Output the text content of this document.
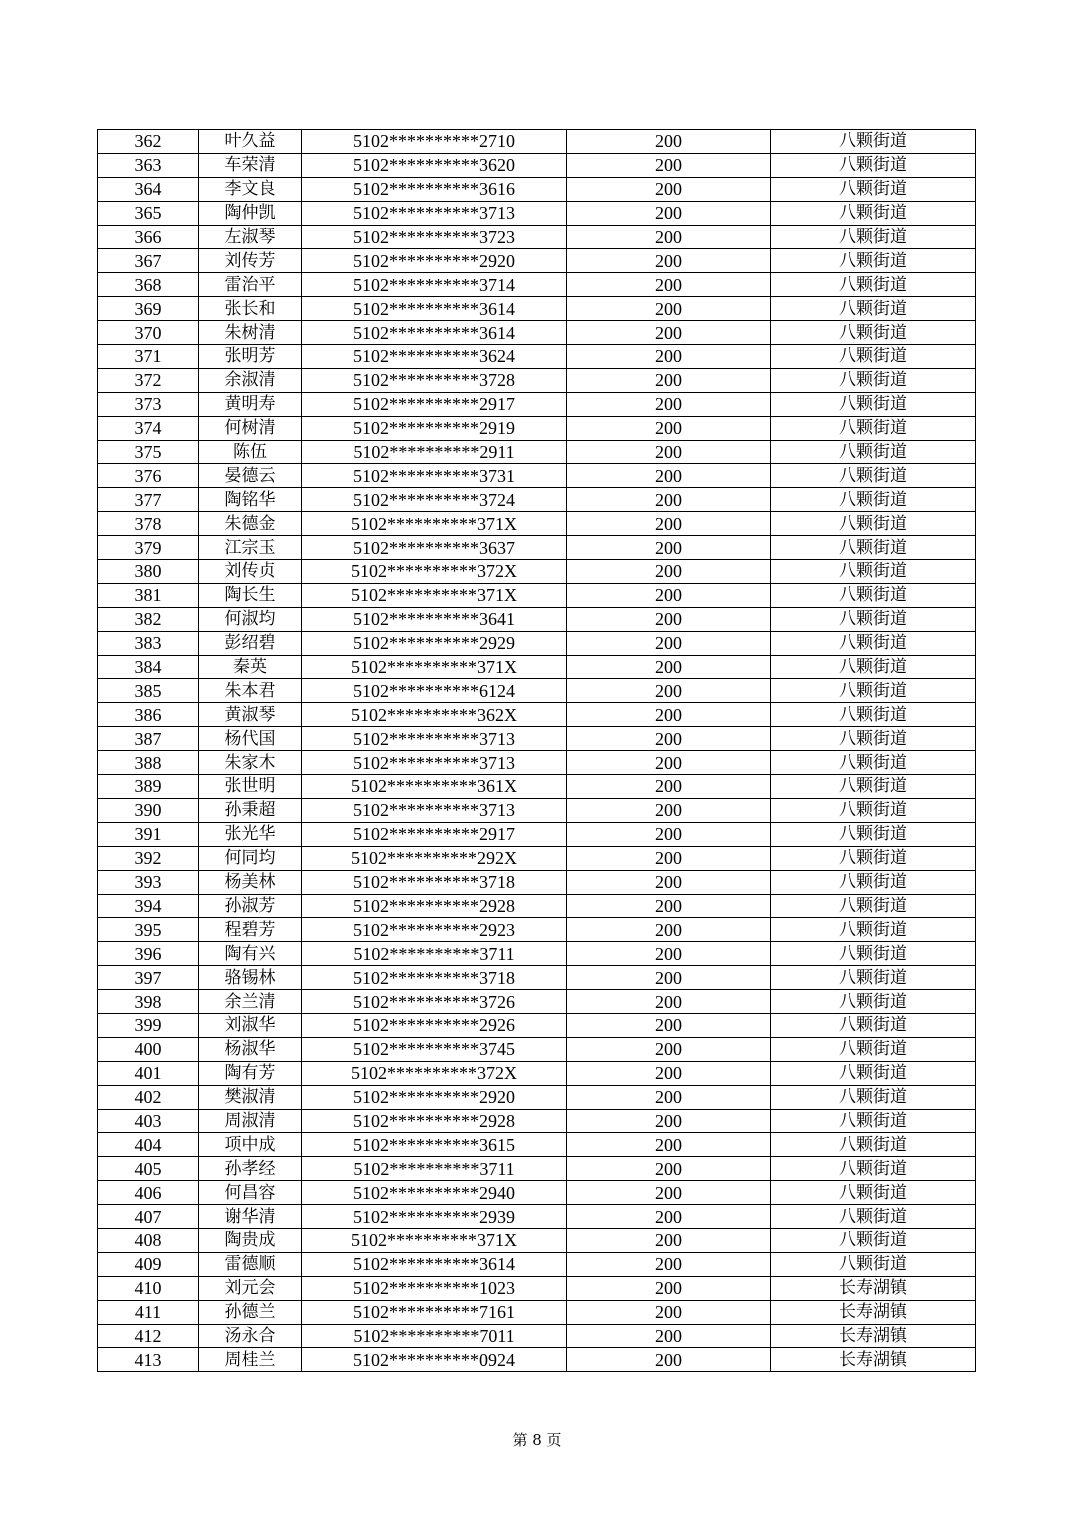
362	叶久益	5102**********2710	200	八颗街道
363	车荣清	5102**********3620	200	八颗街道
364	李文良	5102**********3616	200	八颗街道
365	陶仲凯	5102**********3713	200	八颗街道
366	左淑琴	5102**********3723	200	八颗街道
367	刘传芳	5102**********2920	200	八颗街道
368	雷治平	5102**********3714	200	八颗街道
369	张长和	5102**********3614	200	八颗街道
370	朱树清	5102**********3614	200	八颗街道
371	张明芳	5102**********3624	200	八颗街道
372	余淑清	5102**********3728	200	八颗街道
373	黄明寿	5102**********2917	200	八颗街道
374	何树清	5102**********2919	200	八颗街道
375	陈伍	5102**********2911	200	八颗街道
376	晏德云	5102**********3731	200	八颗街道
377	陶铭华	5102**********3724	200	八颗街道
378	朱德金	5102**********371X	200	八颗街道
379	江宗玉	5102**********3637	200	八颗街道
380	刘传贞	5102**********372X	200	八颗街道
381	陶长生	5102**********371X	200	八颗街道
382	何淑均	5102**********3641	200	八颗街道
383	彭绍碧	5102**********2929	200	八颗街道
384	秦英	5102**********371X	200	八颗街道
385	朱本君	5102**********6124	200	八颗街道
386	黄淑琴	5102**********362X	200	八颗街道
387	杨代国	5102**********3713	200	八颗街道
388	朱家木	5102**********3713	200	八颗街道
389	张世明	5102**********361X	200	八颗街道
390	孙秉超	5102**********3713	200	八颗街道
391	张光华	5102**********2917	200	八颗街道
392	何同均	5102**********292X	200	八颗街道
393	杨美林	5102**********3718	200	八颗街道
394	孙淑芳	5102**********2928	200	八颗街道
395	程碧芳	5102**********2923	200	八颗街道
396	陶有兴	5102**********3711	200	八颗街道
397	骆锡林	5102**********3718	200	八颗街道
398	余兰清	5102**********3726	200	八颗街道
399	刘淑华	5102**********2926	200	八颗街道
400	杨淑华	5102**********3745	200	八颗街道
401	陶有芳	5102**********372X	200	八颗街道
402	樊淑清	5102**********2920	200	八颗街道
403	周淑清	5102**********2928	200	八颗街道
404	项中成	5102**********3615	200	八颗街道
405	孙孝经	5102**********3711	200	八颗街道
406	何昌容	5102**********2940	200	八颗街道
407	谢华清	5102**********2939	200	八颗街道
408	陶贵成	5102**********371X	200	八颗街道
409	雷德顺	5102**********3614	200	八颗街道
410	刘元会	5102**********1023	200	长寿湖镇
411	孙德兰	5102**********7161	200	长寿湖镇
412	汤永合	5102**********7011	200	长寿湖镇
413	周桂兰	5102**********0924	200	长寿湖镇
第 8 页
